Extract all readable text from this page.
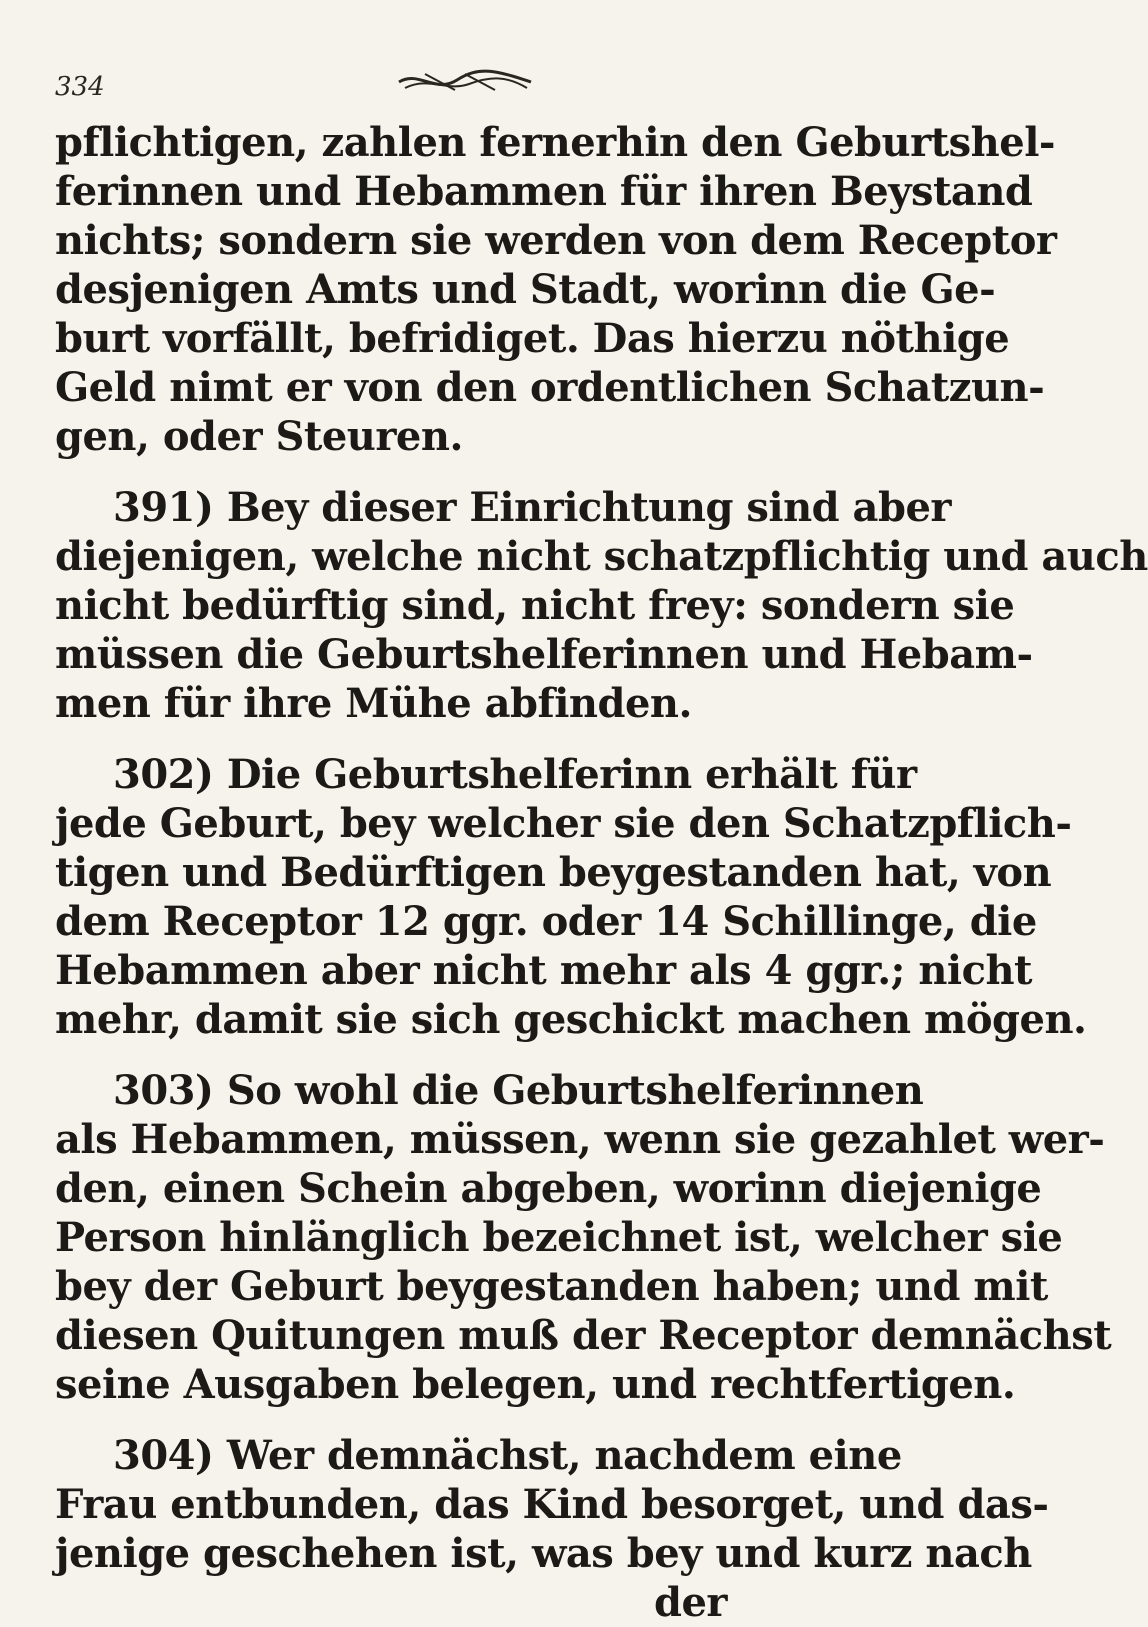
334
pflichtigen, zahlen fernerhin den Geburtshel-
ferinnen und Hebammen für ihren Beystand
nichts; sondern sie werden von dem Receptor
desjenigen Amts und Stadt, worinn die Ge-
burt vorfällt, befridiget. Das hierzu nöthige
Geld nimt er von den ordentlichen Schatzun-
gen, oder Steuren.
391) Bey dieser Einrichtung sind aber
diejenigen, welche nicht schatzpflichtig und auch
nicht bedürftig sind, nicht frey: sondern sie
müssen die Geburtshelferinnen und Hebam-
men für ihre Mühe abfinden.
302) Die Geburtshelferinn erhält für
jede Geburt, bey welcher sie den Schatzpflich-
tigen und Bedürftigen beygestanden hat, von
dem Receptor 12 ggr. oder 14 Schillinge, die
Hebammen aber nicht mehr als 4 ggr.; nicht
mehr, damit sie sich geschickt machen mögen.
303) So wohl die Geburtshelferinnen
als Hebammen, müssen, wenn sie gezahlet wer-
den, einen Schein abgeben, worinn diejenige
Person hinlänglich bezeichnet ist, welcher sie
bey der Geburt beygestanden haben; und mit
diesen Quitungen muß der Receptor demnächst
seine Ausgaben belegen, und rechtfertigen.
304) Wer demnächst, nachdem eine
Frau entbunden, das Kind besorget, und das-
jenige geschehen ist, was bey und kurz nach
der
